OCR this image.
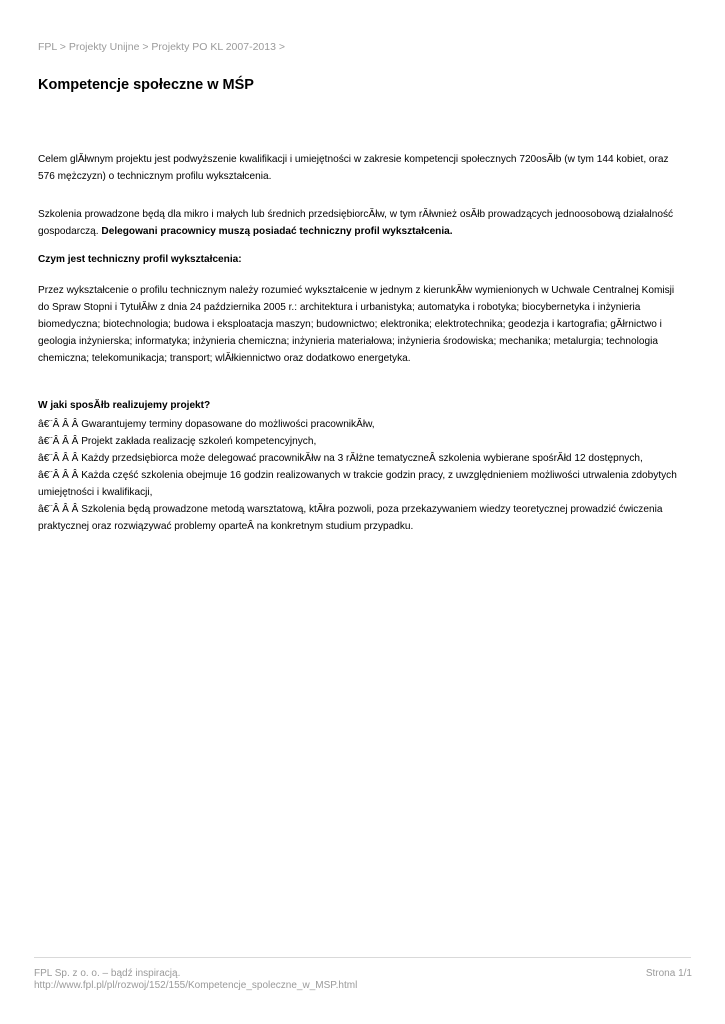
FPL > Projekty Unijne > Projekty PO KL 2007-2013 >
Kompetencje społeczne w MŚP

Celem glĂłwnym projektu jest podwyższenie kwalifikacji i umiejętności w zakresie kompetencji społecznych 720osĂłb (w tym 144 kobiet, oraz 576 mężczyzn) o technicznym profilu wykształcenia.

Szkolenia prowadzone będą dla mikro i małych lub średnich przedsiębiorcĂłw, w tym rĂłwnież osĂłb prowadzących jednoosobową działalność gospodarczą. Delegowani pracownicy muszą posiadać techniczny profil wykształcenia.

Czym jest techniczny profil wykształcenia:

Przez wykształcenie o profilu technicznym należy rozumieć wykształcenie w jednym z kierunkĂłw wymienionych w Uchwale Centralnej Komisji do Spraw Stopni i TytułĂłw z dnia 24 października 2005 r.: architektura i urbanistyka; automatyka i robotyka; biocybernetyka i inżynieria biomedyczna; biotechnologia; budowa i eksploatacja maszyn; budownictwo; elektronika; elektrotechnika; geodezja i kartografia; gĂłrnictwo i geologia inżynierska; informatyka; inżynieria chemiczna; inżynieria materiałowa; inżynieria środowiska; mechanika; metalurgia; technologia chemiczna; telekomunikacja; transport; wlĂłkiennictwo oraz dodatkowo energetyka.

W jaki sposĂłb realizujemy projekt?

â€¨Â Â Â Gwarantujemy terminy dopasowane do możliwości pracownikĂłw,

â€¨Â Â Â Projekt zakłada realizację szkoleń kompetencyjnych,

â€¨Â Â Â Każdy przedsiębiorca może delegować pracownikĂłw na 3 rĂłżne tematyczneÂ szkolenia wybierane spośrĂłd 12 dostępnych,

â€¨Â Â Â Każda część szkolenia obejmuje 16 godzin realizowanych w trakcie godzin pracy, z uwzględnieniem możliwości utrwalenia zdobytych umiejętności i kwalifikacji,

â€¨Â Â Â Szkolenia będą prowadzone metodą warsztatową, ktĂłra pozwoli, poza przekazywaniem wiedzy teoretycznej prowadzić ćwiczenia praktycznej oraz rozwiązywać problemy oparteÂ na konkretnym studium przypadku.

FPL Sp. z o. o. – bądź inspiracją.
http://www.fpl.pl/pl/rozwoj/152/155/Kompetencje_spoleczne_w_MSP.html
Strona 1/1
